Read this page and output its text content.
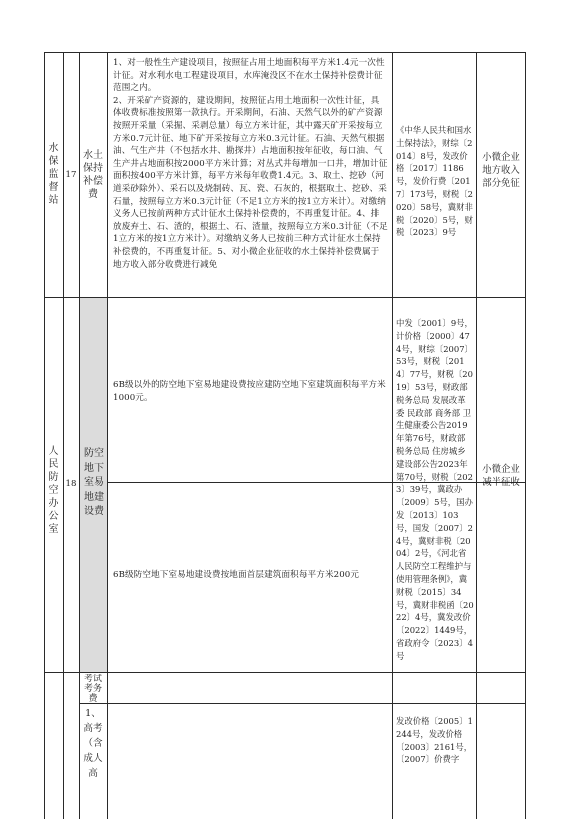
水保监督站
17
水土保持补偿费

1、对一般性生产建设项目，按照征占用土地面积每平方米1.4元一次性计征。对水利水电工程建设项目，水库淹没区不在水土保持补偿费计征范围之内。

2、开采矿产资源的，建设期间，按照征占用土地面积一次性计征，具体收费标准按照第一款执行。开采期间，石油、天然气以外的矿产资源按照开采量（采掘、采剥总量）每立方米计征，其中露天矿开采按每立方米0.7元计征、地下矿开采按每立方米0.3元计征。石油、天然气根据油、气生产井（不包括水井、勘探井）占地面积按年征收，每口油、气生产井占地面积按2000平方米计算；对丛式井每增加一口井，增加计征面积按400平方米计算，每平方米每年收费1.4元。3、取土、挖砂（河道采砂除外）、采石以及烧制砖、瓦、瓷、石灰的，根据取土、挖砂、采石量，按照每立方米0.3元计征（不足1立方米的按1立方米计）。对缴纳义务人已按前两种方式计征水土保持补偿费的，不再重复计征。4、排放废弃土、石、渣的，根据土、石、渣量，按照每立方米0.3计征（不足1立方米的按1立方米计）。对缴纳义务人已按前三种方式计征水土保持补偿费的，不再重复计征。5、对小微企业征收的水土保持补偿费属于地方收入部分收费进行减免

《中华人民共和国水土保持法》，财综〔2014〕8号，发改价格〔2017〕1186号，发价行费〔2017〕173号，财税〔2020〕58号，冀财非税〔2020〕5号，财税〔2023〕9号
小微企业地方收入部分免征
人民防空办公室
18
防空地下室易地建设费

6B级以外的防空地下室易地建设费按应建防空地下室建筑面积每平方米1000元。

6B级防空地下室易地建设费按地面首层建筑面积每平方米200元

中发〔2001〕9号，计价格〔2000〕474号，财综〔2007〕53号，财税〔2014〕77号，财税〔2019〕53号，财政部 税务总局 发展改革委 民政部 商务部 卫生健康委公告2019年第76号，财政部 税务总局 住房城乡建设部公告2023年第70号，财税〔2023〕39号，冀政办〔2009〕5号，国办发〔2013〕103号，国发〔2007〕24号，冀财非税〔2004〕2号，《河北省人民防空工程维护与使用管理条例》，冀财税〔2015〕34号，冀财非税函〔2022〕4号，冀发改价〔2022〕1449号，省政府令〔2023〕4号
小微企业减半征收
考试考务费
1、高考（含成人高
发改价格〔2005〕1244号，发改价格〔2003〕2161号，〔2007〕价费字
